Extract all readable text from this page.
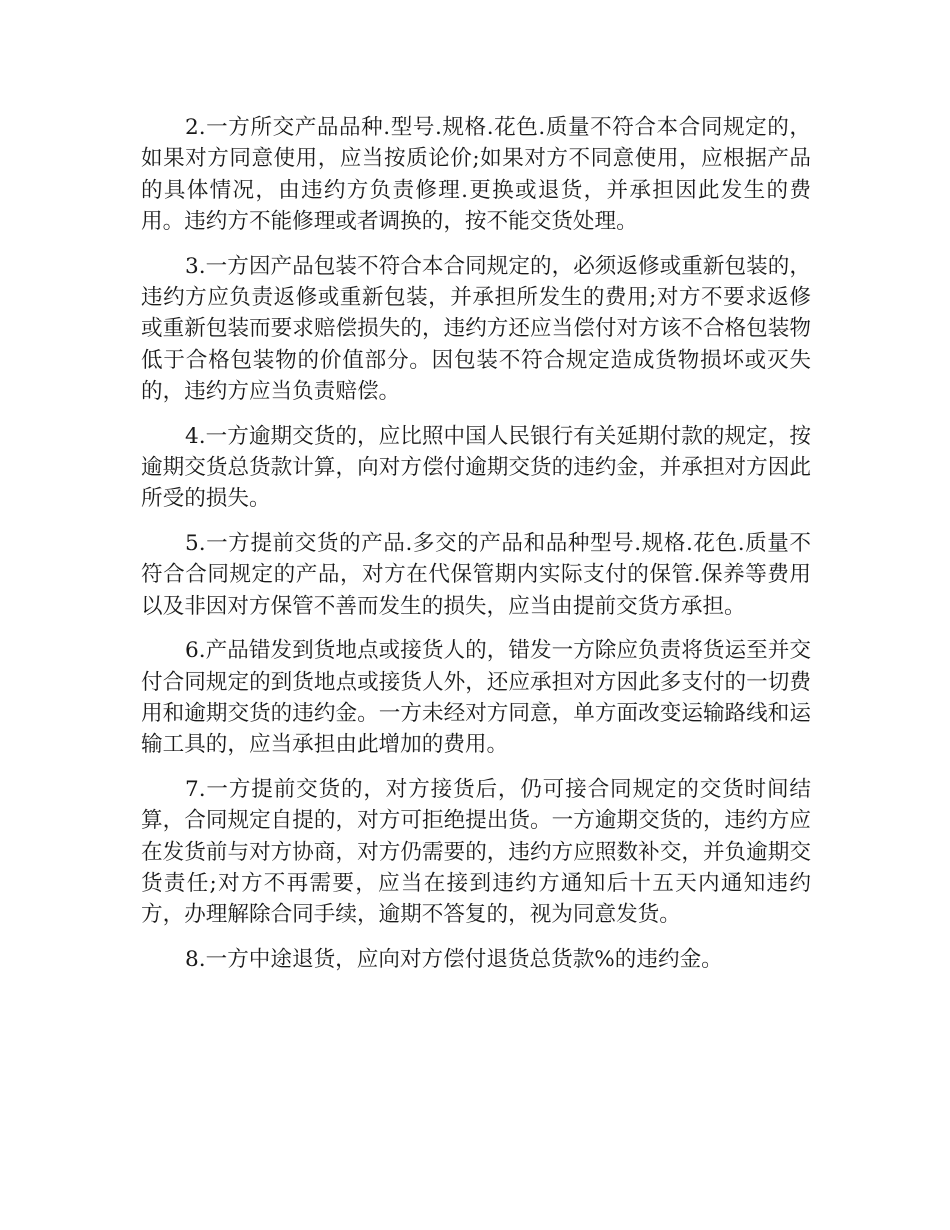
2.一方所交产品品种.型号.规格.花色.质量不符合本合同规定的，如果对方同意使用，应当按质论价;如果对方不同意使用，应根据产品的具体情况，由违约方负责修理.更换或退货，并承担因此发生的费用。违约方不能修理或者调换的，按不能交货处理。

3.一方因产品包装不符合本合同规定的，必须返修或重新包装的，违约方应负责返修或重新包装，并承担所发生的费用;对方不要求返修或重新包装而要求赔偿损失的，违约方还应当偿付对方该不合格包装物低于合格包装物的价值部分。因包装不符合规定造成货物损坏或灭失的，违约方应当负责赔偿。

4.一方逾期交货的，应比照中国人民银行有关延期付款的规定，按逾期交货总货款计算，向对方偿付逾期交货的违约金，并承担对方因此所受的损失。

5.一方提前交货的产品.多交的产品和品种型号.规格.花色.质量不符合合同规定的产品，对方在代保管期内实际支付的保管.保养等费用以及非因对方保管不善而发生的损失，应当由提前交货方承担。

6.产品错发到货地点或接货人的，错发一方除应负责将货运至并交付合同规定的到货地点或接货人外，还应承担对方因此多支付的一切费用和逾期交货的违约金。一方未经对方同意，单方面改变运输路线和运输工具的，应当承担由此增加的费用。

7.一方提前交货的，对方接货后，仍可接合同规定的交货时间结算，合同规定自提的，对方可拒绝提出货。一方逾期交货的，违约方应在发货前与对方协商，对方仍需要的，违约方应照数补交，并负逾期交货责任;对方不再需要，应当在接到违约方通知后十五天内通知违约方，办理解除合同手续，逾期不答复的，视为同意发货。

8.一方中途退货，应向对方偿付退货总货款%的违约金。
